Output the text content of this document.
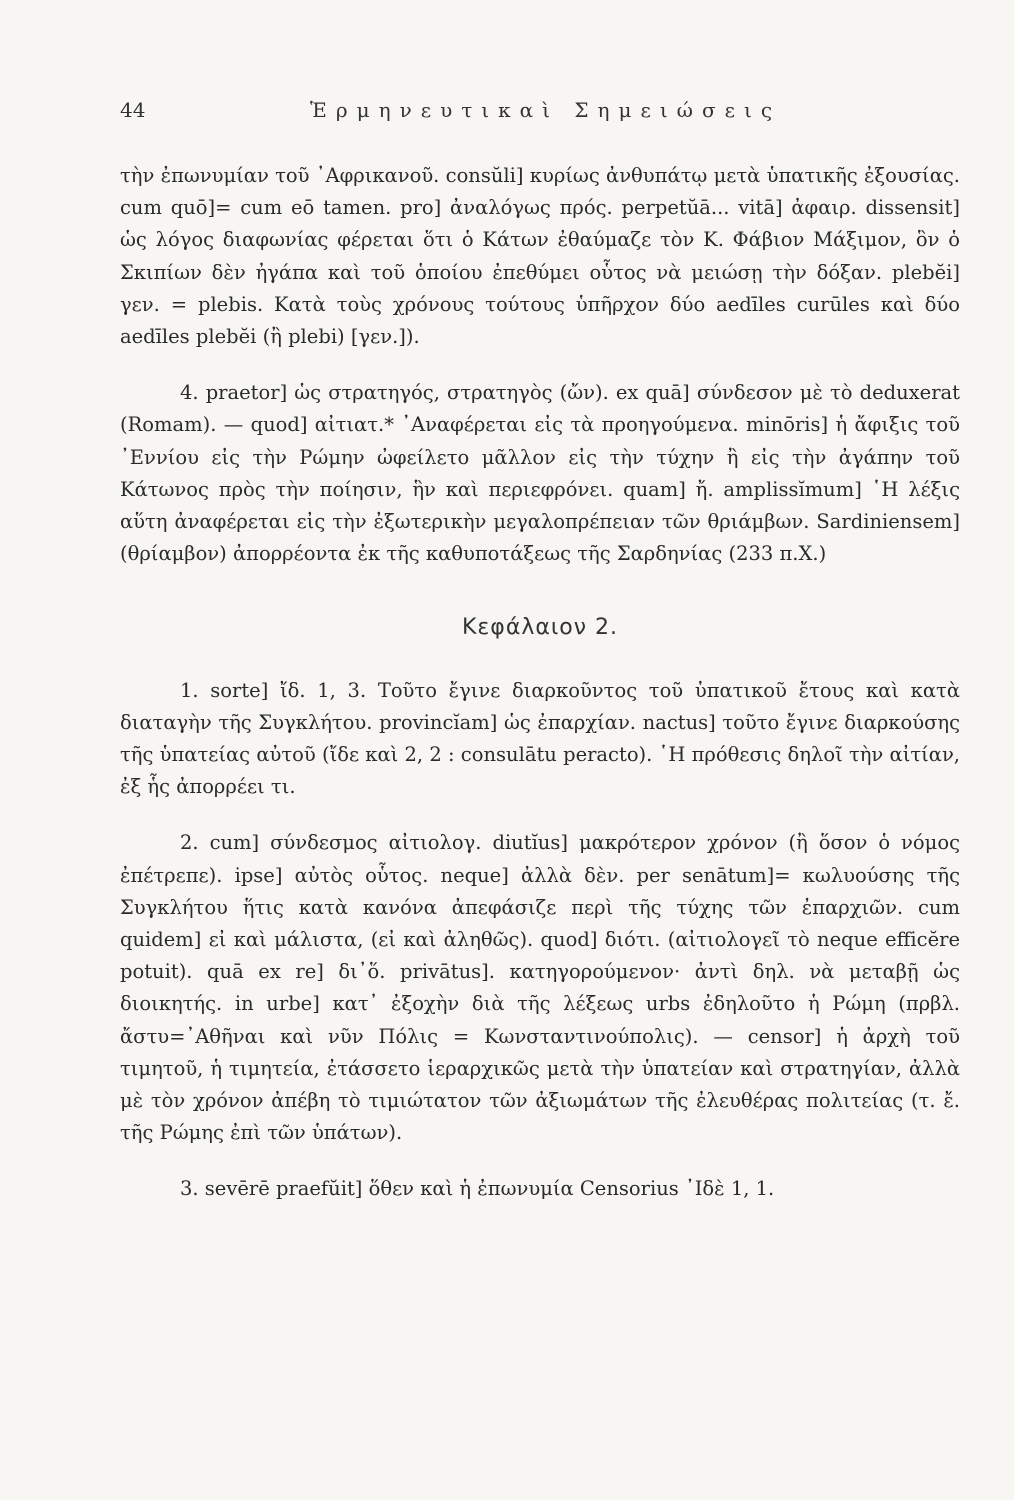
44	Ἑρμηνευτικαὶ Σημειώσεις

τὴν ἐπωνυμίαν τοῦ ᾿Αφρικανοῦ. consŭli] κυρίως ἀνθυπάτῳ μετὰ ὑπατικῆς ἐξουσίας. cum quō]= cum eō tamen. pro] ἀναλόγως πρός. perpetŭā... vitā] ἀφαιρ. dissensit] ὡς λόγος διαφωνίας φέρεται ὅτι ὁ Κάτων ἐθαύμαζε τὸν Κ. Φάβιον Μάξιμον, ὃν ὁ Σκιπίων δὲν ἠγάπα καὶ τοῦ ὁποίου ἐπεθύμει οὗτος νὰ μειώσῃ τὴν δόξαν. plebĕi] γεν. = plebis. Κατὰ τοὺς χρόνους τούτους ὑπῆρχον δύο aedīles curūles καὶ δύο aedīles plebĕi (ἢ plebi) [γεν.]).

4. praetor] ὡς στρατηγός, στρατηγὸς (ὤν). ex quā] σύνδεσον μὲ τὸ deduxerat (Romam). — quod] αἰτιατ.* ᾿Αναφέρεται εἰς τὰ προηγούμενα. minōris] ἡ ἄφιξις τοῦ ᾿Εννίου εἰς τὴν Ρώμην ὠφείλετο μᾶλλον εἰς τὴν τύχην ἢ εἰς τὴν ἀγάπην τοῦ Κάτωνος πρὸς τὴν ποίησιν, ἣν καὶ περιεφρόνει. quam] ἤ. amplissĭmum] ῾Η λέξις αὕτη ἀναφέρεται εἰς τὴν ἐξωτερικὴν μεγαλοπρέπειαν τῶν θριάμβων. Sardiniensem] (θρίαμβον) ἀπορρέοντα ἐκ τῆς καθυποτάξεως τῆς Σαρδηνίας (233 π.Χ.)

Κεφάλαιον 2.

1. sorte] ἴδ. 1, 3. Τοῦτο ἔγινε διαρκοῦντος τοῦ ὑπατικοῦ ἔτους καὶ κατὰ διαταγὴν τῆς Συγκλήτου. provincĭam] ὡς ἐπαρχίαν. nactus] τοῦτο ἔγινε διαρκούσης τῆς ὑπατείας αὐτοῦ (ἴδε καὶ 2, 2 : consulātu peracto). ῾Η πρόθεσις δηλοῖ τὴν αἰτίαν, ἐξ ἧς ἀπορρέει τι.

2. cum] σύνδεσμος αἰτιολογ. diutĭus] μακρότερον χρόνον (ἢ ὅσον ὁ νόμος ἐπέτρεπε). ipse] αὐτὸς οὗτος. neque] ἀλλὰ δὲν. per senātum]= κωλυούσης τῆς Συγκλήτου ἥτις κατὰ κανόνα ἀπεφάσιζε περὶ τῆς τύχης τῶν ἐπαρχιῶν. cum quidem] εἰ καὶ μάλιστα, (εἰ καὶ ἀληθῶς). quod] διότι. (αἰτιολογεῖ τὸ neque efficĕre potuit). quā ex re] δι᾿ὅ. privātus]. κατηγορούμενον· ἀντὶ δηλ. νὰ μεταβῇ ὡς διοικητής. in urbe] κατ᾿ ἐξοχὴν διὰ τῆς λέξεως urbs ἐδηλοῦτο ἡ Ρώμη (πρβλ. ἄστυ=᾿Αθῆναι καὶ νῦν Πόλις = Κωνσταντινούπολις). — censor] ἡ ἀρχὴ τοῦ τιμητοῦ, ἡ τιμητεία, ἐτάσσετο ἱεραρχικῶς μετὰ τὴν ὑπατείαν καὶ στρατηγίαν, ἀλλὰ μὲ τὸν χρόνον ἀπέβη τὸ τιμιώτατον τῶν ἀξιωμάτων τῆς ἐλευθέρας πολιτείας (τ. ἔ. τῆς Ρώμης ἐπὶ τῶν ὑπάτων).

3. sevērē praefŭit] ὅθεν καὶ ἡ ἐπωνυμία Censorius ᾿Ιδὲ 1, 1.
